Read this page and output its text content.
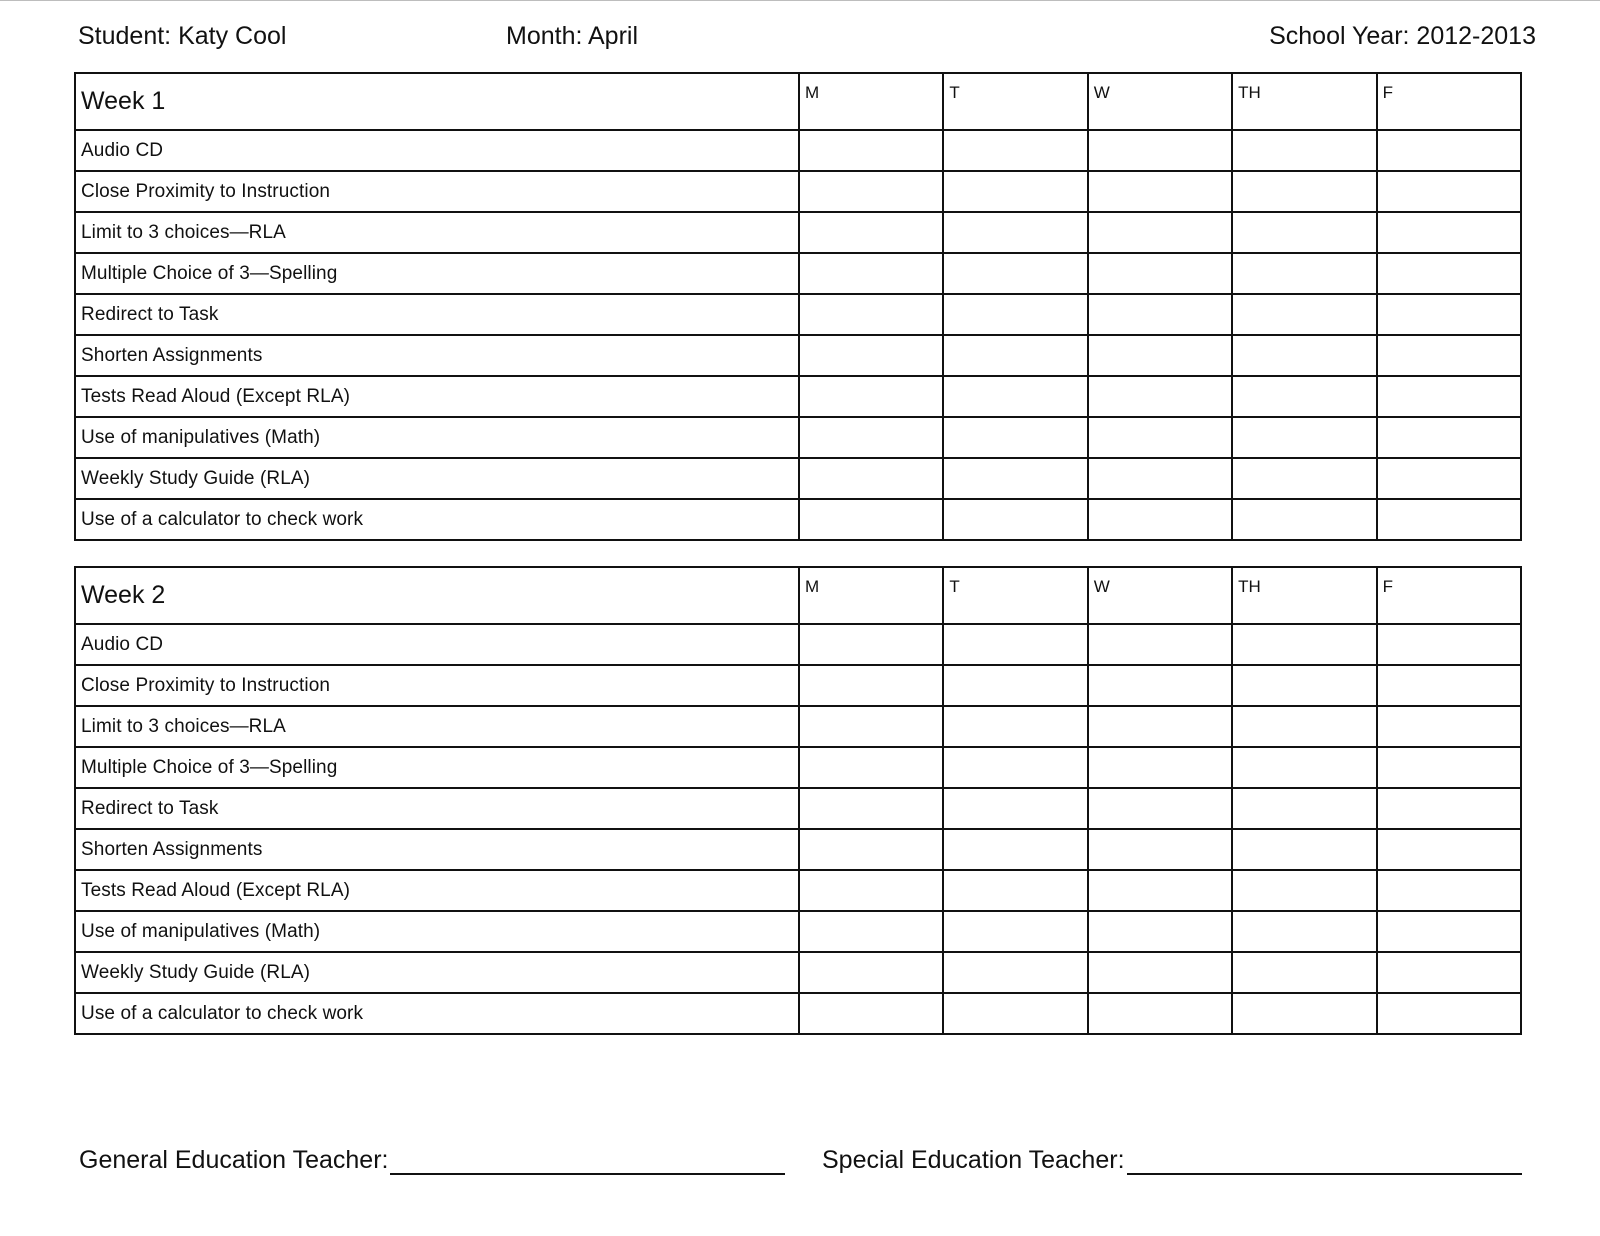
Student: Katy Cool	Month: April	School Year: 2012-2013
Week 1	M	T	W	TH	F
Audio CD					
Close Proximity to Instruction					
Limit to 3 choices—RLA					
Multiple Choice of 3—Spelling					
Redirect to Task					
Shorten Assignments					
Tests Read Aloud (Except RLA)					
Use of manipulatives (Math)					
Weekly Study Guide (RLA)					
Use of a calculator to check work					
Week 2	M	T	W	TH	F
Audio CD					
Close Proximity to Instruction					
Limit to 3 choices—RLA					
Multiple Choice of 3—Spelling					
Redirect to Task					
Shorten Assignments					
Tests Read Aloud (Except RLA)					
Use of manipulatives (Math)					
Weekly Study Guide (RLA)					
Use of a calculator to check work					
General Education Teacher:	Special Education Teacher:
